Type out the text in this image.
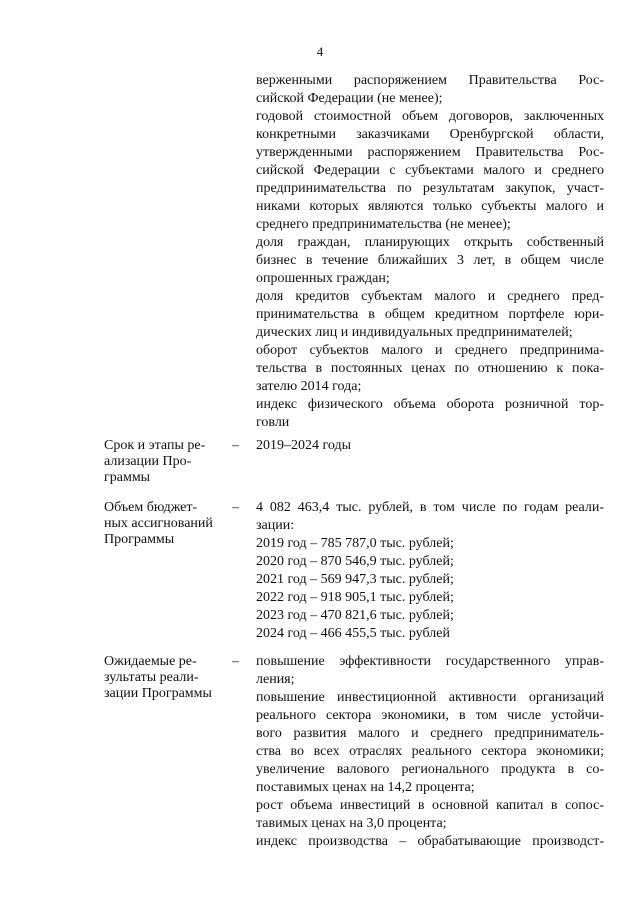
4
верженными распоряжением Правительства Рос-
сийской Федерации (не менее);
годовой стоимостной объем договоров, заключенных
конкретными заказчиками Оренбургской области,
утвержденными распоряжением Правительства Рос-
сийской Федерации с субъектами малого и среднего
предпринимательства по результатам закупок, участ-
никами которых являются только субъекты малого и
среднего предпринимательства (не менее);
доля граждан, планирующих открыть собственный
бизнес в течение ближайших 3 лет, в общем числе
опрошенных граждан;
доля кредитов субъектам малого и среднего пред-
принимательства в общем кредитном портфеле юри-
дических лиц и индивидуальных предпринимателей;
оборот субъектов малого и среднего предпринима-
тельства в постоянных ценах по отношению к пока-
зателю 2014 года;
индекс физического объема оборота розничной тор-
говли
Срок и этапы ре-
ализации Про-
граммы
– 2019–2024 годы
Объем бюджет-
ных ассигнований
Программы
– 4 082 463,4 тыс. рублей, в том числе по годам реали-
зации:
2019 год – 785 787,0 тыс. рублей;
2020 год – 870 546,9 тыс. рублей;
2021 год – 569 947,3 тыс. рублей;
2022 год – 918 905,1 тыс. рублей;
2023 год – 470 821,6 тыс. рублей;
2024 год – 466 455,5 тыс. рублей
Ожидаемые ре-
зультаты реали-
зации Программы
– повышение эффективности государственного управ-
ления;
повышение инвестиционной активности организаций
реального сектора экономики, в том числе устойчи-
вого развития малого и среднего предприниматель-
ства во всех отраслях реального сектора экономики;
увеличение валового регионального продукта в со-
поставимых ценах на 14,2 процента;
рост объема инвестиций в основной капитал в сопос-
тавимых ценах на 3,0 процента;
индекс производства – обрабатывающие производст-
